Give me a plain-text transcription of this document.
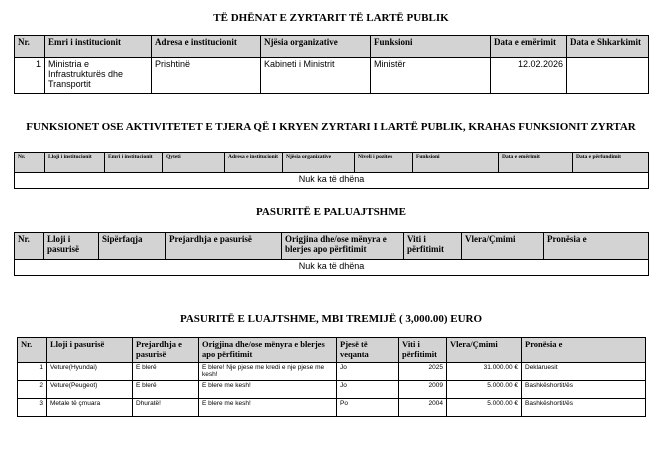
TË DHËNAT E ZYRTARIT TË LARTË PUBLIK
Nr.	Emri i institucionit	Adresa e institucionit	Njësia organizative	Funksioni	Data e emërimit	Data e Shkarkimit
1	Ministria e Infrastrukturës dhe Transportit	Prishtinë	Kabineti i Ministrit	Ministër	12.02.2026	
FUNKSIONET OSE AKTIVITETET E TJERA QË I KRYEN ZYRTARI I LARTË PUBLIK, KRAHAS FUNKSIONIT ZYRTAR
Nr.	Lloji i institucionit	Emri i institucionit	Qyteti	Adresa e institucionit	Njësia organizative	Niveli i pozites	Funksioni	Data e emërimit	Data e përfundimit
Nuk ka të dhëna
PASURITË E PALUAJTSHME
Nr.	Lloji i pasurisë	Sipërfaqja	Prejardhja e pasurisë	Origjina dhe/ose mënyra e blerjes apo përfitimit	Viti i përfitimit	Vlera/Çmimi	Pronësia e
Nuk ka të dhëna
PASURITË E LUAJTSHME, MBI TREMIJË ( 3,000.00) EURO
Nr.	Lloji i pasurisë	Prejardhja e pasurisë	Origjina dhe/ose mënyra e blerjes apo përfitimit	Pjesë të veqanta	Viti i përfitimit	Vlera/Çmimi	Pronësia e
1	Veture(Hyundai)	E blerë	E blere! Nje pjese me kredi e nje pjese me kesh!	Jo	2025	31.000.00 €	Deklaruesit
2	Veture(Peugeot)	E blerë	E blere me kesh!	Jo	2009	5.000.00 €	Bashkëshortit/ës
3	Metale të çmuara	Dhuratë!	E blere me kesh!	Po	2004	5.000.00 €	Bashkëshortit/ës
